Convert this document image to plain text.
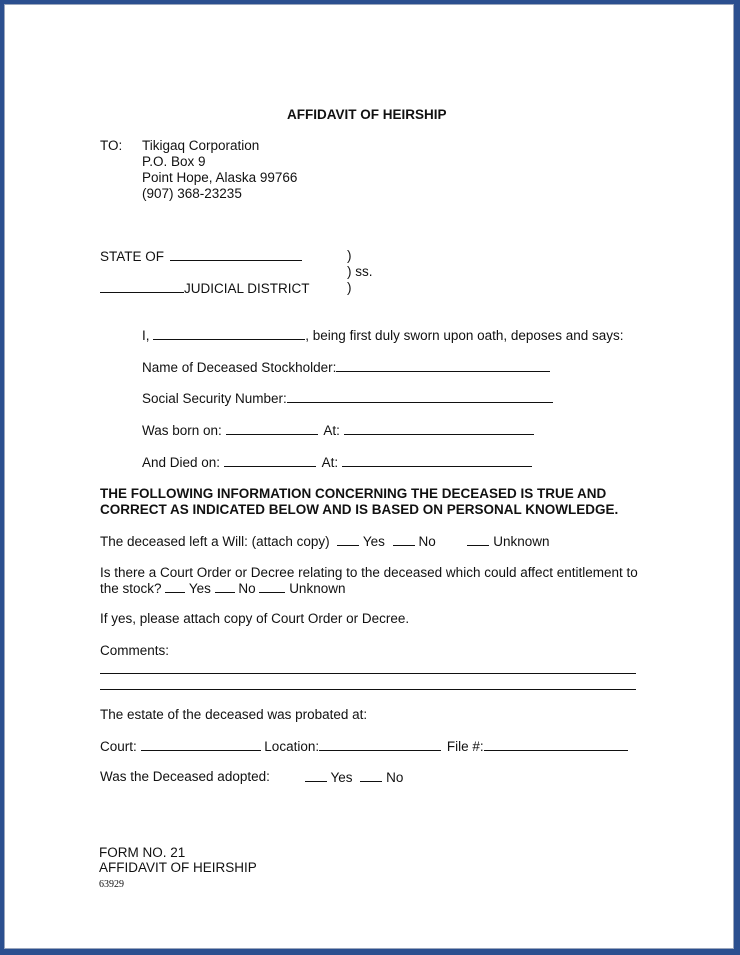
AFFIDAVIT OF HEIRSHIP
TO: Tikigaq Corporation
P.O. Box 9
Point Hope, Alaska 99766
(907) 368-23235
STATE OF	)
) ss.
JUDICIAL DISTRICT	)
I,	, being first duly sworn upon oath, deposes and says:
Name of Deceased Stockholder:
Social Security Number:
Was born on:	At:
And Died on:	At:
THE FOLLOWING INFORMATION CONCERNING THE DECEASED IS TRUE AND
CORRECT AS INDICATED BELOW AND IS BASED ON PERSONAL KNOWLEDGE.
The deceased left a Will: (attach copy) Yes No	Unknown
Is there a Court Order or Decree relating to the deceased which could affect entitlement to
the stock? Yes No Unknown
If yes, please attach copy of Court Order or Decree.
Comments:
The estate of the deceased was probated at:
Court:	Location:	File #:
Was the Deceased adopted:	Yes No
FORM NO. 21
AFFIDAVIT OF HEIRSHIP
63929
